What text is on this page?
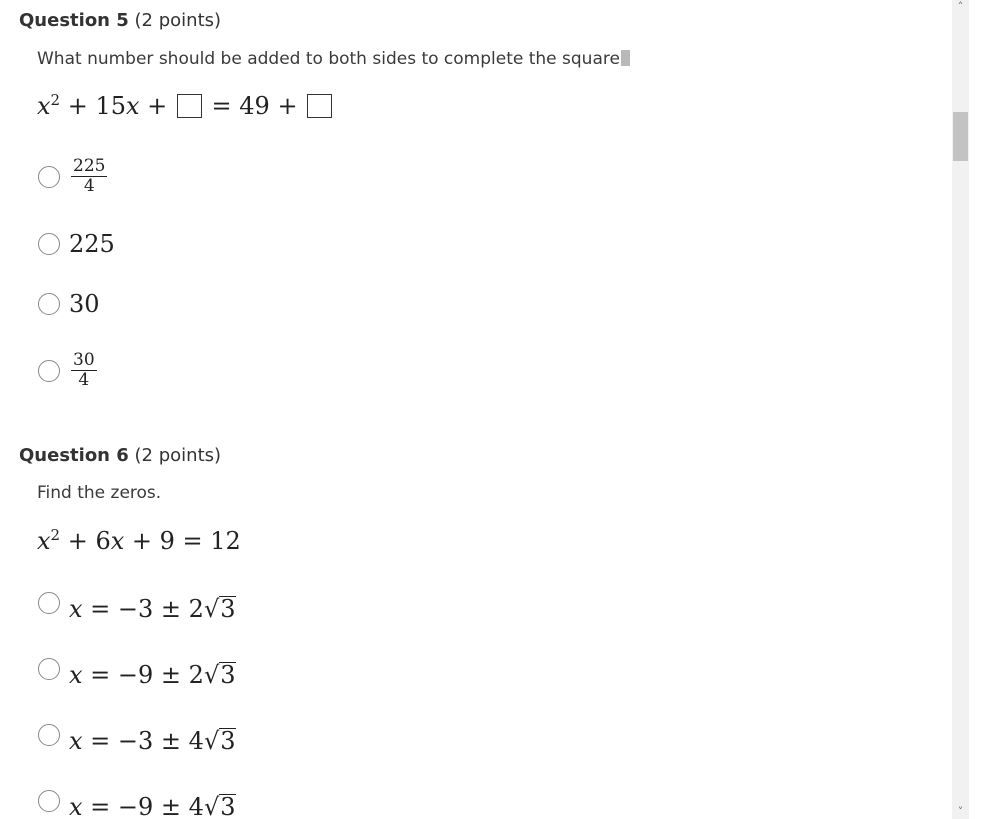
Question 5 (2 points)
What number should be added to both sides to complete the square
$x^2 + 15x$ +  = 49 +
$\frac{225}{4}$
225
30
$\frac{30}{4}$
Question 6 (2 points)
Find the zeros.
$x^2 + 6x + 9 = 12$
x = −3 ± 2√3
x = −9 ± 2√3
x = −3 ± 4√3
x = −9 ± 4√3
˄
˅
